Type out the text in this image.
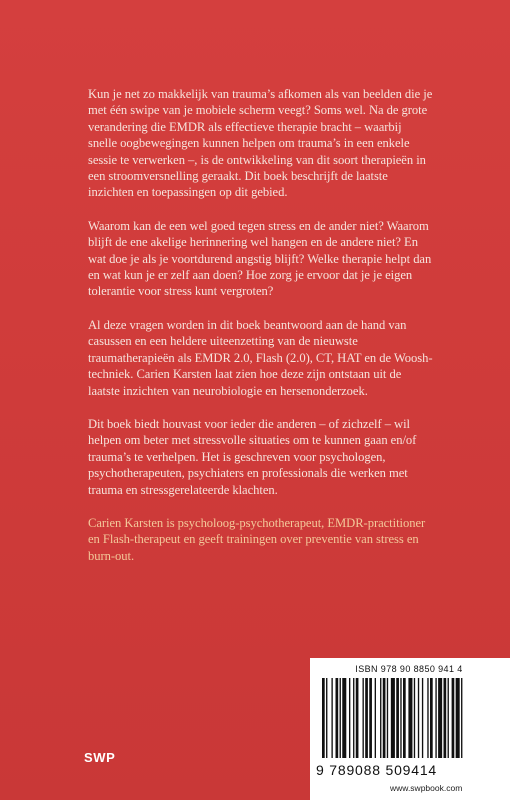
Kun je net zo makkelijk van trauma’s afkomen als van beelden die je met één swipe van je mobiele scherm veegt? Soms wel. Na de grote verandering die EMDR als effectieve therapie bracht – waarbij snelle oogbewegingen kunnen helpen om trauma’s in een enkele sessie te verwerken –, is de ontwikkeling van dit soort therapieën in een stroomversnelling geraakt. Dit boek beschrijft de laatste inzichten en toepassingen op dit gebied.

Waarom kan de een wel goed tegen stress en de ander niet? Waarom blijft de ene akelige herinnering wel hangen en de andere niet? En wat doe je als je voortdurend angstig blijft? Welke therapie helpt dan en wat kun je er zelf aan doen? Hoe zorg je ervoor dat je je eigen tolerantie voor stress kunt vergroten?

Al deze vragen worden in dit boek beantwoord aan de hand van casussen en een heldere uiteenzetting van de nieuwste traumatherapieën als EMDR 2.0, Flash (2.0), CT, HAT en de Woosh-techniek. Carien Karsten laat zien hoe deze zijn ontstaan uit de laatste inzichten van neurobiologie en hersenonderzoek.

Dit boek biedt houvast voor ieder die anderen – of zichzelf – wil helpen om beter met stressvolle situaties om te kunnen gaan en/of trauma’s te verhelpen. Het is geschreven voor psychologen, psychotherapeuten, psychiaters en professionals die werken met trauma en stressgerelateerde klachten.

Carien Karsten is psycholoog-psychotherapeut, EMDR-practitioner en Flash-therapeut en geeft trainingen over preventie van stress en burn-out.

SWP
ISBN 978 90 8850 941 4
9 789088 509414
www.swpbook.com
